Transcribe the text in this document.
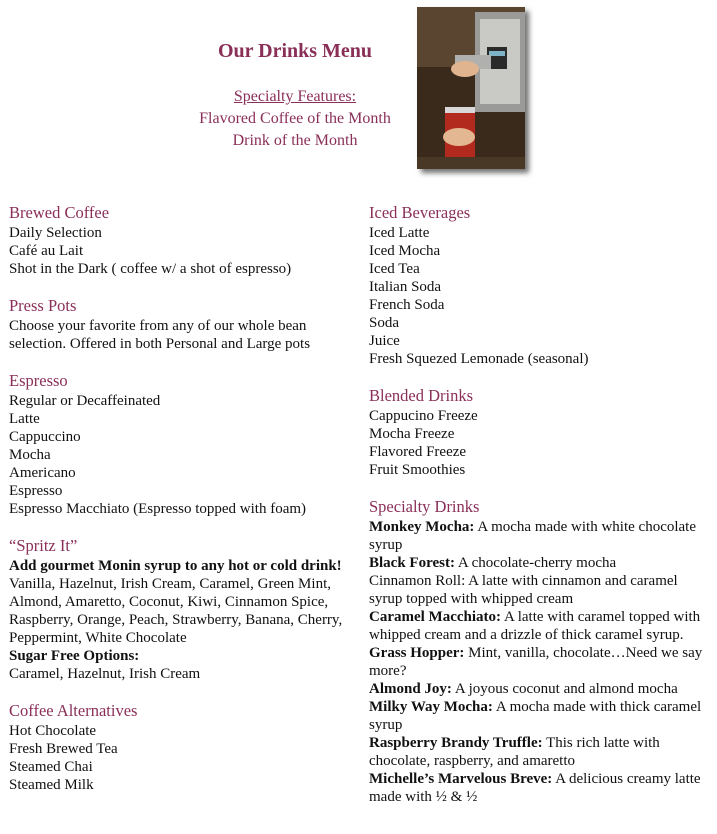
Our Drinks Menu
Specialty Features:
Flavored Coffee of the Month
Drink of the Month
Brewed Coffee
Daily Selection
Café au Lait
Shot in the Dark ( coffee w/ a shot of espresso)
Press Pots
Choose your favorite from any of our whole bean selection. Offered in both Personal and Large pots
Espresso
Regular or Decaffeinated
Latte
Cappuccino
Mocha
Americano
Espresso
Espresso Macchiato (Espresso topped with foam)
“Spritz It”
Add gourmet Monin syrup to any hot or cold drink!
Vanilla, Hazelnut, Irish Cream, Caramel, Green Mint, Almond, Amaretto, Coconut, Kiwi, Cinnamon Spice, Raspberry, Orange, Peach, Strawberry, Banana, Cherry, Peppermint, White Chocolate
Sugar Free Options:
Caramel, Hazelnut, Irish Cream
Coffee Alternatives
Hot Chocolate
Fresh Brewed Tea
Steamed Chai
Steamed Milk
Iced Beverages
Iced Latte
Iced Mocha
Iced Tea
Italian Soda
French Soda
Soda
Juice
Fresh Squezed Lemonade (seasonal)
Blended Drinks
Cappucino Freeze
Mocha Freeze
Flavored Freeze
Fruit Smoothies
Specialty Drinks
Monkey Mocha: A mocha made with white chocolate syrup
Black Forest: A chocolate-cherry mocha
Cinnamon Roll: A latte with cinnamon and caramel syrup topped with whipped cream
Caramel Macchiato: A latte with caramel topped with whipped cream and a drizzle of thick caramel syrup.
Grass Hopper: Mint, vanilla, chocolate…Need we say more?
Almond Joy: A joyous coconut and almond mocha
Milky Way Mocha: A mocha made with thick caramel syrup
Raspberry Brandy Truffle: This rich latte with chocolate, raspberry, and amaretto
Michelle’s Marvelous Breve: A delicious creamy latte made with ½ & ½
